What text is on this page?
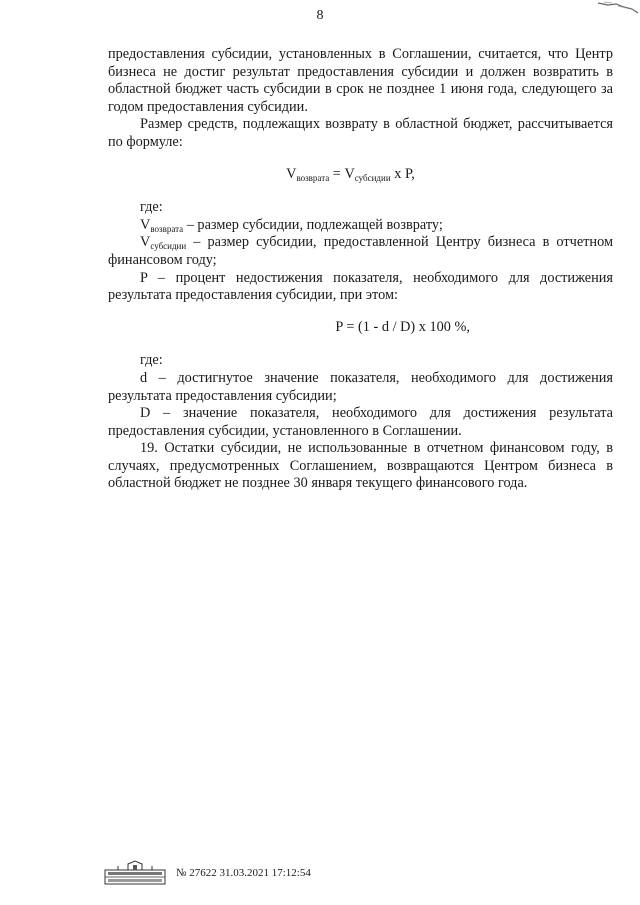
8

предоставления субсидии, установленных в Соглашении, считается, что Центр бизнеса не достиг результат предоставления субсидии и должен возвратить в областной бюджет часть субсидии в срок не позднее 1 июня года, следующего за годом предоставления субсидии.

Размер средств, подлежащих возврату в областной бюджет, рассчитывается по формуле:

$V_{возврата} = V_{субсидии}$ x P,

где:

$V_{возврата}$ – размер субсидии, подлежащей возврату;

$V_{субсидии}$ – размер субсидии, предоставленной Центру бизнеса в отчетном финансовом году;

P – процент недостижения показателя, необходимого для достижения результата предоставления субсидии, при этом:

P = (1 - d / D) x 100 %,

где:

d – достигнутое значение показателя, необходимого для достижения результата предоставления субсидии;

D – значение показателя, необходимого для достижения результата предоставления субсидии, установленного в Соглашении.

19. Остатки субсидии, не использованные в отчетном финансовом году, в случаях, предусмотренных Соглашением, возвращаются Центром бизнеса в областной бюджет не позднее 30 января текущего финансового года.

№ 27622 31.03.2021 17:12:54
